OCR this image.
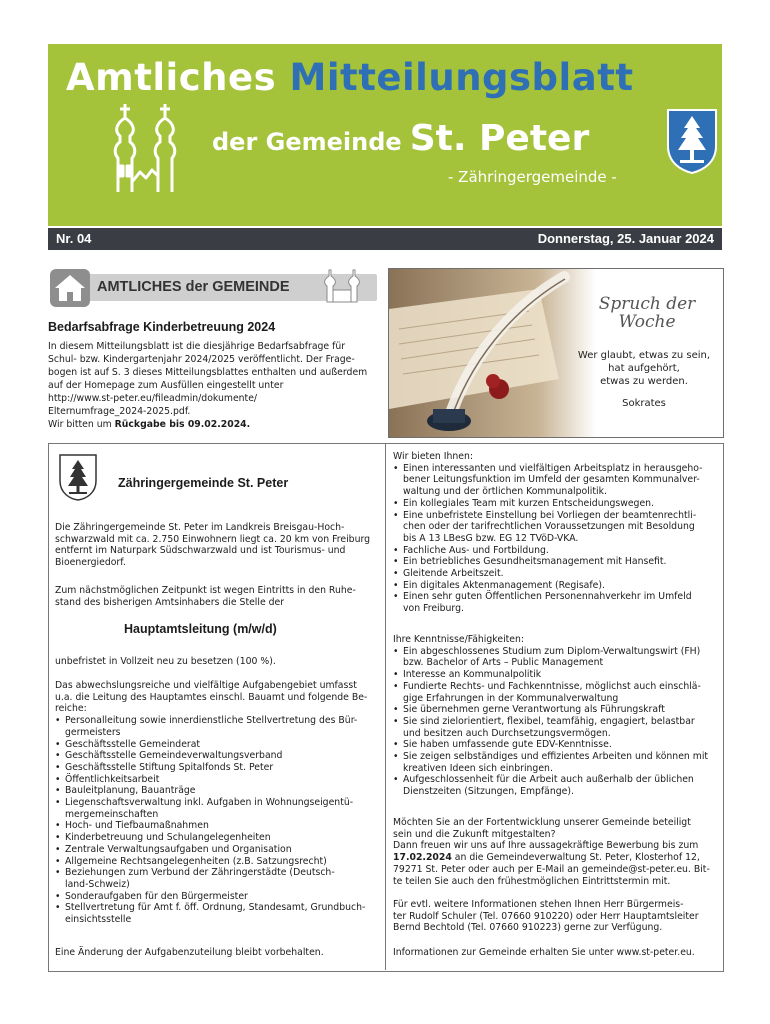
Amtliches Mitteilungsblatt
der Gemeinde St. Peter
- Zähringergemeinde -
Nr. 04	Donnerstag, 25. Januar 2024
AMTLICHES der GEMEINDE
Spruch der
Woche
Wer glaubt, etwas zu sein,
hat aufgehört,
etwas zu werden.
Sokrates
Bedarfsabfrage Kinderbetreuung 2024

In diesem Mitteilungsblatt ist die diesjährige Bedarfsabfrage für

Schul- bzw. Kindergartenjahr 2024/2025 veröffentlicht. Der Frage-

bogen ist auf S. 3 dieses Mitteilungsblattes enthalten und außerdem

auf der Homepage zum Ausfüllen eingestellt unter

http://www.st-peter.eu/fileadmin/dokumente/

Elternumfrage_2024-2025.pdf.

Wir bitten um Rückgabe bis 09.02.2024.

Zähringergemeinde St. Peter

Die Zähringergemeinde St. Peter im Landkreis Breisgau-Hoch-

schwarzwald mit ca. 2.750 Einwohnern liegt ca. 20 km von Freiburg

entfernt im Naturpark Südschwarzwald und ist Tourismus- und

Bioenergiedorf.

Zum nächstmöglichen Zeitpunkt ist wegen Eintritts in den Ruhe-

stand des bisherigen Amtsinhabers die Stelle der

Hauptamtsleitung (m/w/d)
unbefristet in Vollzeit neu zu besetzen (100 %).

Das abwechslungsreiche und vielfältige Aufgabengebiet umfasst

u.a. die Leitung des Hauptamtes einschl. Bauamt und folgende Be-

reiche:

• Personalleitung sowie innerdienstliche Stellvertretung des Bür-
germeisters
• Geschäftsstelle Gemeinderat
• Geschäftsstelle Gemeindeverwaltungsverband
• Geschäftsstelle Stiftung Spitalfonds St. Peter
• Öffentlichkeitsarbeit
• Bauleitplanung, Bauanträge
• Liegenschaftsverwaltung inkl. Aufgaben in Wohnungseigentü-
mergemeinschaften
• Hoch- und Tiefbaumaßnahmen
• Kinderbetreuung und Schulangelegenheiten
• Zentrale Verwaltungsaufgaben und Organisation
• Allgemeine Rechtsangelegenheiten (z.B. Satzungsrecht)
• Beziehungen zum Verbund der Zähringerstädte (Deutsch-
land-Schweiz)
• Sonderaufgaben für den Bürgermeister
• Stellvertretung für Amt f. öff. Ordnung, Standesamt, Grundbuch-
einsichtsstelle
Eine Änderung der Aufgabenzuteilung bleibt vorbehalten.

Wir bieten Ihnen:

• Einen interessanten und vielfältigen Arbeitsplatz in herausgeho-
bener Leitungsfunktion im Umfeld der gesamten Kommunalver-
waltung und der örtlichen Kommunalpolitik.
• Ein kollegiales Team mit kurzen Entscheidungswegen.
• Eine unbefristete Einstellung bei Vorliegen der beamtenrechtli-
chen oder der tarifrechtlichen Voraussetzungen mit Besoldung
bis A 13 LBesG bzw. EG 12 TVöD-VKA.
• Fachliche Aus- und Fortbildung.
• Ein betriebliches Gesundheitsmanagement mit Hansefit.
• Gleitende Arbeitszeit.
• Ein digitales Aktenmanagement (Regisafe).
• Einen sehr guten Öffentlichen Personennahverkehr im Umfeld
von Freiburg.

Ihre Kenntnisse/Fähigkeiten:

• Ein abgeschlossenes Studium zum Diplom-Verwaltungswirt (FH)
bzw. Bachelor of Arts – Public Management
• Interesse an Kommunalpolitik
• Fundierte Rechts- und Fachkenntnisse, möglichst auch einschlä-
gige Erfahrungen in der Kommunalverwaltung
• Sie übernehmen gerne Verantwortung als Führungskraft
• Sie sind zielorientiert, flexibel, teamfähig, engagiert, belastbar
und besitzen auch Durchsetzungsvermögen.
• Sie haben umfassende gute EDV-Kenntnisse.
• Sie zeigen selbständiges und effizientes Arbeiten und können mit
kreativen Ideen sich einbringen.
• Aufgeschlossenheit für die Arbeit auch außerhalb der üblichen
Dienstzeiten (Sitzungen, Empfänge).

Möchten Sie an der Fortentwicklung unserer Gemeinde beteiligt

sein und die Zukunft mitgestalten?

Dann freuen wir uns auf Ihre aussagekräftige Bewerbung bis zum

17.02.2024 an die Gemeindeverwaltung St. Peter, Klosterhof 12,

79271 St. Peter oder auch per E-Mail an gemeinde@st-peter.eu. Bit-

te teilen Sie auch den frühestmöglichen Eintrittstermin mit.

Für evtl. weitere Informationen stehen Ihnen Herr Bürgermeis-

ter Rudolf Schuler (Tel. 07660 910220) oder Herr Hauptamtsleiter

Bernd Bechtold (Tel. 07660 910223) gerne zur Verfügung.

Informationen zur Gemeinde erhalten Sie unter www.st-peter.eu.
